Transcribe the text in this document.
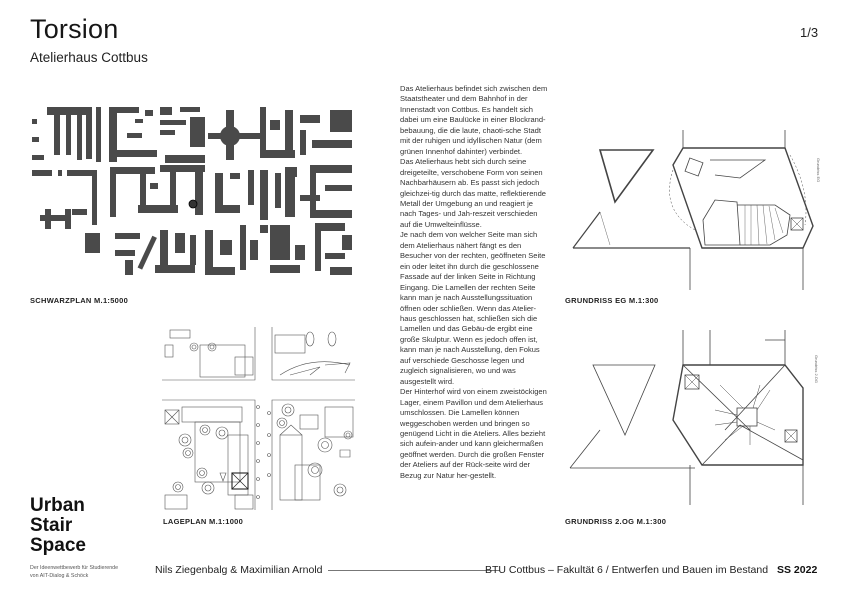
Torsion
Atelierhaus Cottbus
1/3
SCHWARZPLAN M.1:5000
LAGEPLAN M.1:1000

Das Atelierhaus befindet sich zwischen dem Staatstheater und dem Bahnhof in der Innenstadt von Cottbus. Es handelt sich dabei um eine Baulücke in einer Blockrand-bebauung, die die laute, chaoti-sche Stadt mit der ruhigen und idyllischen Natur (dem grünen Innenhof dahinter) verbindet.

Das Atelierhaus hebt sich durch seine dreigeteilte, verschobene Form von seinen Nachbarhäusern ab. Es passt sich jedoch gleichzei-tig durch das matte, reflektierende Metall der Umgebung an und reagiert je nach Tages- und Jah-reszeit verschieden auf die Umwelteinflüsse.

Je nach dem von welcher Seite man sich dem Atelierhaus nähert fängt es den Besucher von der rechten, geöffneten Seite ein oder leitet ihn durch die geschlossene Fassade auf der linken Seite in Richtung Eingang. Die Lamellen der rechten Seite kann man je nach Ausstellungssituation öffnen oder schließen. Wenn das Atelier-haus geschlossen hat, schließen sich die Lamellen und das Gebäu-de ergibt eine große Skulptur. Wenn es jedoch offen ist, kann man je nach Ausstellung, den Fokus auf verschiede Geschosse legen und zugleich signalisieren, wo und was ausgestellt wird.

Der Hinterhof wird von einem zweistöckigen Lager, einem Pavillon und dem Atelierhaus umschlossen. Die Lamellen können weggeschoben werden und bringen so genügend Licht in die Ateliers. Alles bezieht sich aufein-ander und kann gleichermaßen geöffnet werden. Durch die großen Fenster der Ateliers auf der Rück-seite wird der Bezug zur Natur her-gestellt.

Grundriss EG
GRUNDRISS EG M.1:300
Grundriss 2.OG
GRUNDRISS 2.OG M.1:300
Urban
Stair
Space
Der Ideenwettbewerb für Studierende
von AIT-Dialog & Schöck	Nils Ziegenbalg & Maximilian Arnold	BTU Cottbus – Fakultät 6 / Entwerfen und Bauen im Bestand SS 2022
